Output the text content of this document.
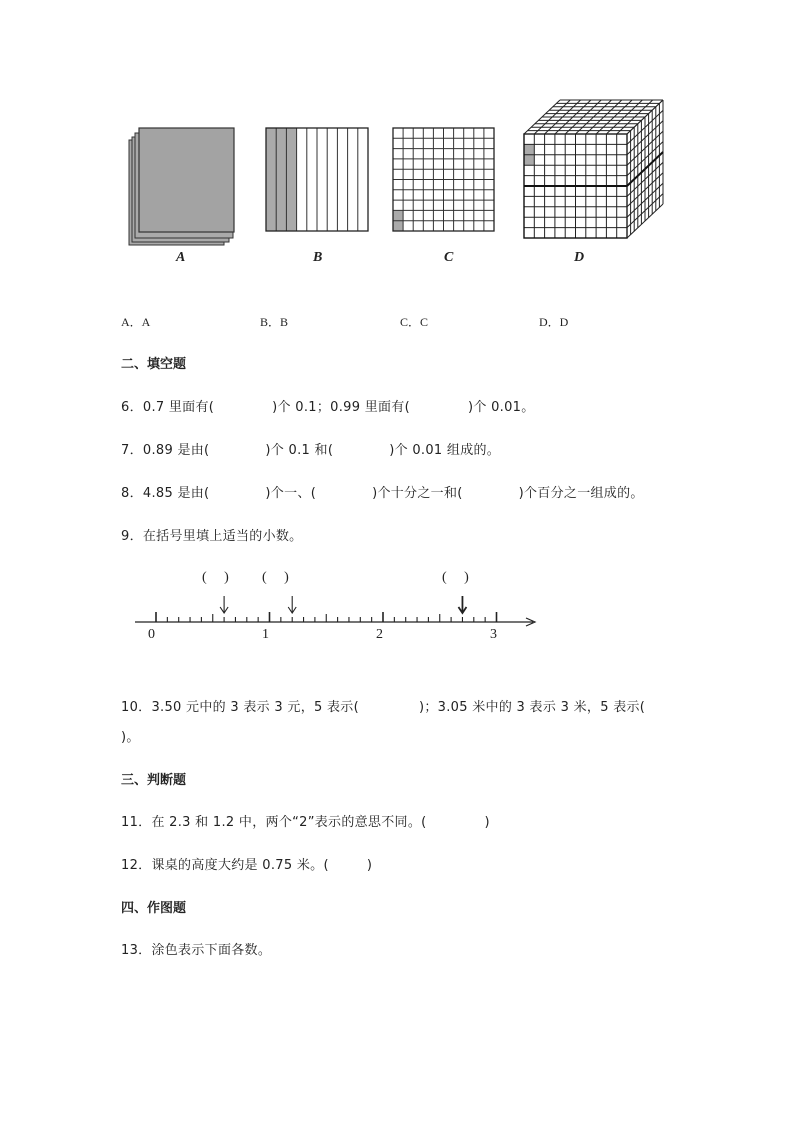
A	B	C	D
A．A	B．B	C．C	D．D
二、填空题
6．0.7 里面有(	)个 0.1；0.99 里面有(	)个 0.01。
7．0.89 是由(	)个 0.1 和(	)个 0.01 组成的。
8．4.85 是由(	)个一、(	)个十分之一和(	)个百分之一组成的。
9．在括号里填上适当的小数。
0	1	2	3
( ) ( )	( )
10．3.50 元中的 3 表示 3 元，5 表示(	)；3.05 米中的 3 表示 3 米，5 表示(
)。
三、判断题
11．在 2.3 和 1.2 中，两个“2”表示的意思不同。(	)
12．课桌的高度大约是 0.75 米。(	)
四、作图题
13．涂色表示下面各数。
